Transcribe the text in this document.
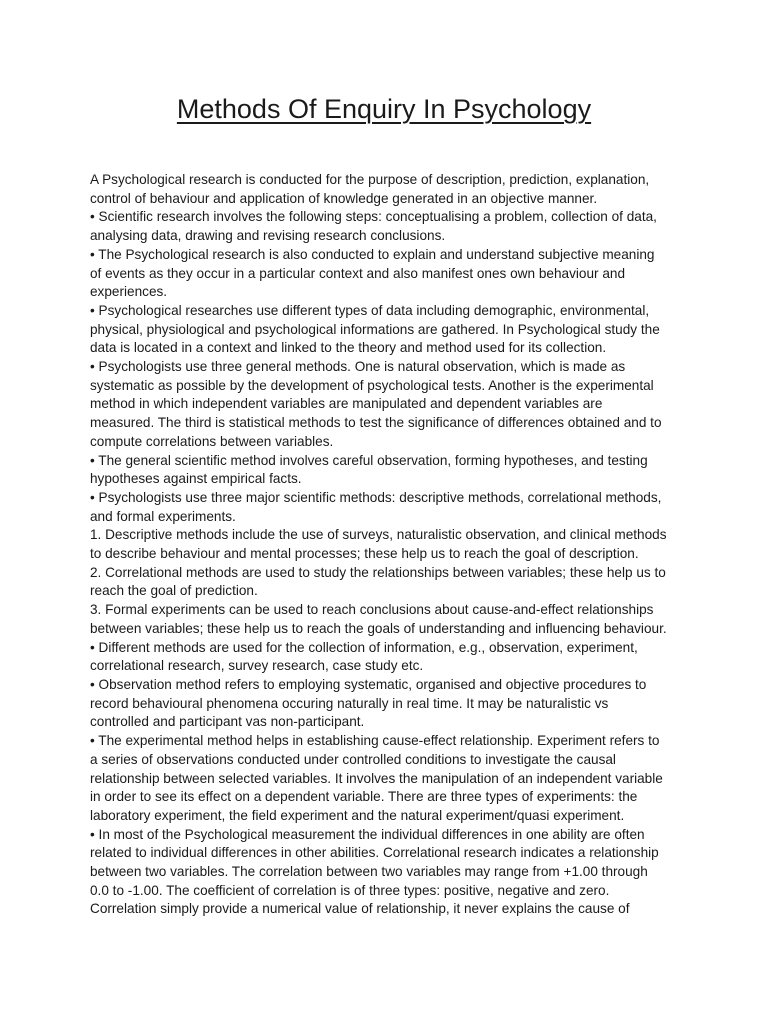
Methods Of Enquiry In Psychology
A Psychological research is conducted for the purpose of description, prediction, explanation,
control of behaviour and application of knowledge generated in an objective manner.
• Scientific research involves the following steps: conceptualising a problem, collection of data,
analysing data, drawing and revising research conclusions.
• The Psychological research is also conducted to explain and understand subjective meaning
of events as they occur in a particular context and also manifest ones own behaviour and
experiences.
• Psychological researches use different types of data including demographic, environmental,
physical, physiological and psychological informations are gathered. In Psychological study the
data is located in a context and linked to the theory and method used for its collection.
• Psychologists use three general methods. One is natural observation, which is made as
systematic as possible by the development of psychological tests. Another is the experimental
method in which independent variables are manipulated and dependent variables are
measured. The third is statistical methods to test the significance of differences obtained and to
compute correlations between variables.
• The general scientific method involves careful observation, forming hypotheses, and testing
hypotheses against empirical facts.
• Psychologists use three major scientific methods: descriptive methods, correlational methods,
and formal experiments.
1. Descriptive methods include the use of surveys, naturalistic observation, and clinical methods
to describe behaviour and mental processes; these help us to reach the goal of description.
2. Correlational methods are used to study the relationships between variables; these help us to
reach the goal of prediction.
3. Formal experiments can be used to reach conclusions about cause-and-effect relationships
between variables; these help us to reach the goals of understanding and influencing behaviour.
• Different methods are used for the collection of information, e.g., observation, experiment,
correlational research, survey research, case study etc.
• Observation method refers to employing systematic, organised and objective procedures to
record behavioural phenomena occuring naturally in real time. It may be naturalistic vs
controlled and participant vas non-participant.
• The experimental method helps in establishing cause-effect relationship. Experiment refers to
a series of observations conducted under controlled conditions to investigate the causal
relationship between selected variables. It involves the manipulation of an independent variable
in order to see its effect on a dependent variable. There are three types of experiments: the
laboratory experiment, the field experiment and the natural experiment/quasi experiment.
• In most of the Psychological measurement the individual differences in one ability are often
related to individual differences in other abilities. Correlational research indicates a relationship
between two variables. The correlation between two variables may range from +1.00 through
0.0 to -1.00. The coefficient of correlation is of three types: positive, negative and zero.
Correlation simply provide a numerical value of relationship, it never explains the cause of
